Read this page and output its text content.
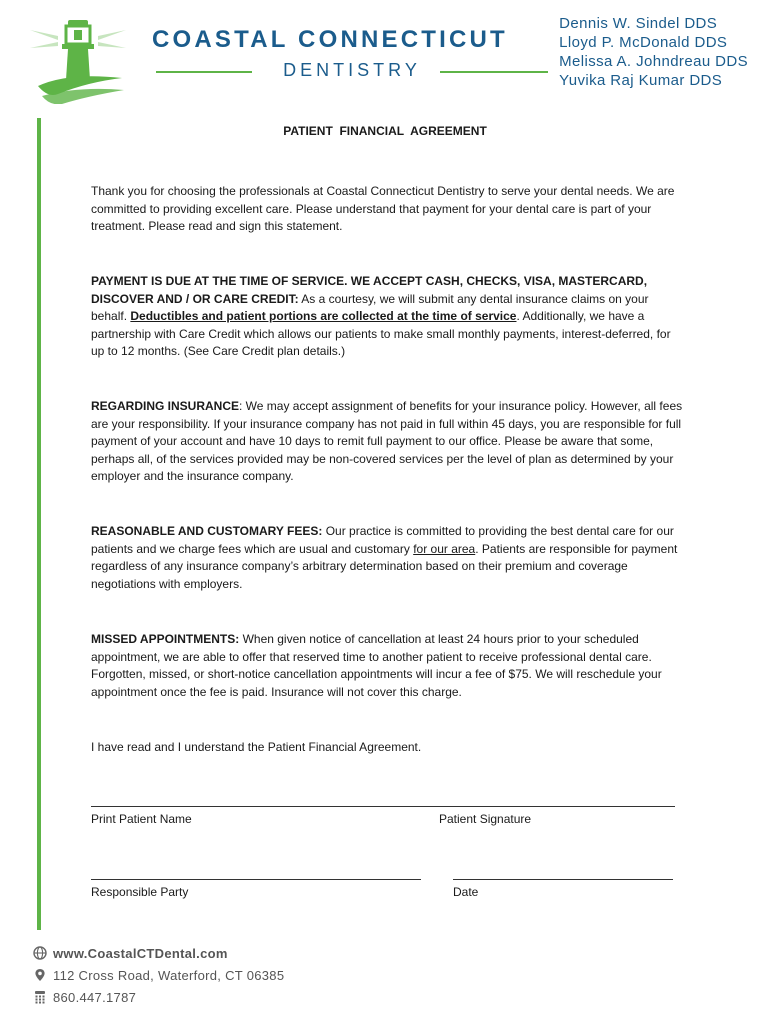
COASTAL CONNECTICUT
DENTISTRY
Dennis W. Sindel DDS
Lloyd P. McDonald DDS
Melissa A. Johndreau DDS
Yuvika Raj Kumar DDS
PATIENT  FINANCIAL  AGREEMENT

Thank you for choosing the professionals at Coastal Connecticut Dentistry to serve your dental needs. We are committed to providing excellent care. Please understand that payment for your dental care is part of your treatment. Please read and sign this statement.

PAYMENT IS DUE AT THE TIME OF SERVICE. WE ACCEPT CASH, CHECKS, VISA, MASTERCARD, DISCOVER AND / OR CARE CREDIT: As a courtesy, we will submit any dental insurance claims on your behalf. Deductibles and patient portions are collected at the time of service. Additionally, we have a partnership with Care Credit which allows our patients to make small monthly payments, interest-deferred, for up to 12 months. (See Care Credit plan details.)

REGARDING INSURANCE: We may accept assignment of benefits for your insurance policy. However, all fees are your responsibility. If your insurance company has not paid in full within 45 days, you are responsible for full payment of your account and have 10 days to remit full payment to our office. Please be aware that some, perhaps all, of the services provided may be non-covered services per the level of plan as determined by your employer and the insurance company.

REASONABLE AND CUSTOMARY FEES: Our practice is committed to providing the best dental care for our patients and we charge fees which are usual and customary for our area. Patients are responsible for payment regardless of any insurance company’s arbitrary determination based on their premium and coverage negotiations with employers.

MISSED APPOINTMENTS: When given notice of cancellation at least 24 hours prior to your scheduled appointment, we are able to offer that reserved time to another patient to receive professional dental care. Forgotten, missed, or short-notice cancellation appointments will incur a fee of $75. We will reschedule your appointment once the fee is paid. Insurance will not cover this charge.

I have read and I understand the Patient Financial Agreement.

Print Patient Name	Patient Signature
Responsible Party	Date
www.CoastalCTDental.com
112 Cross Road, Waterford, CT 06385
860.447.1787
